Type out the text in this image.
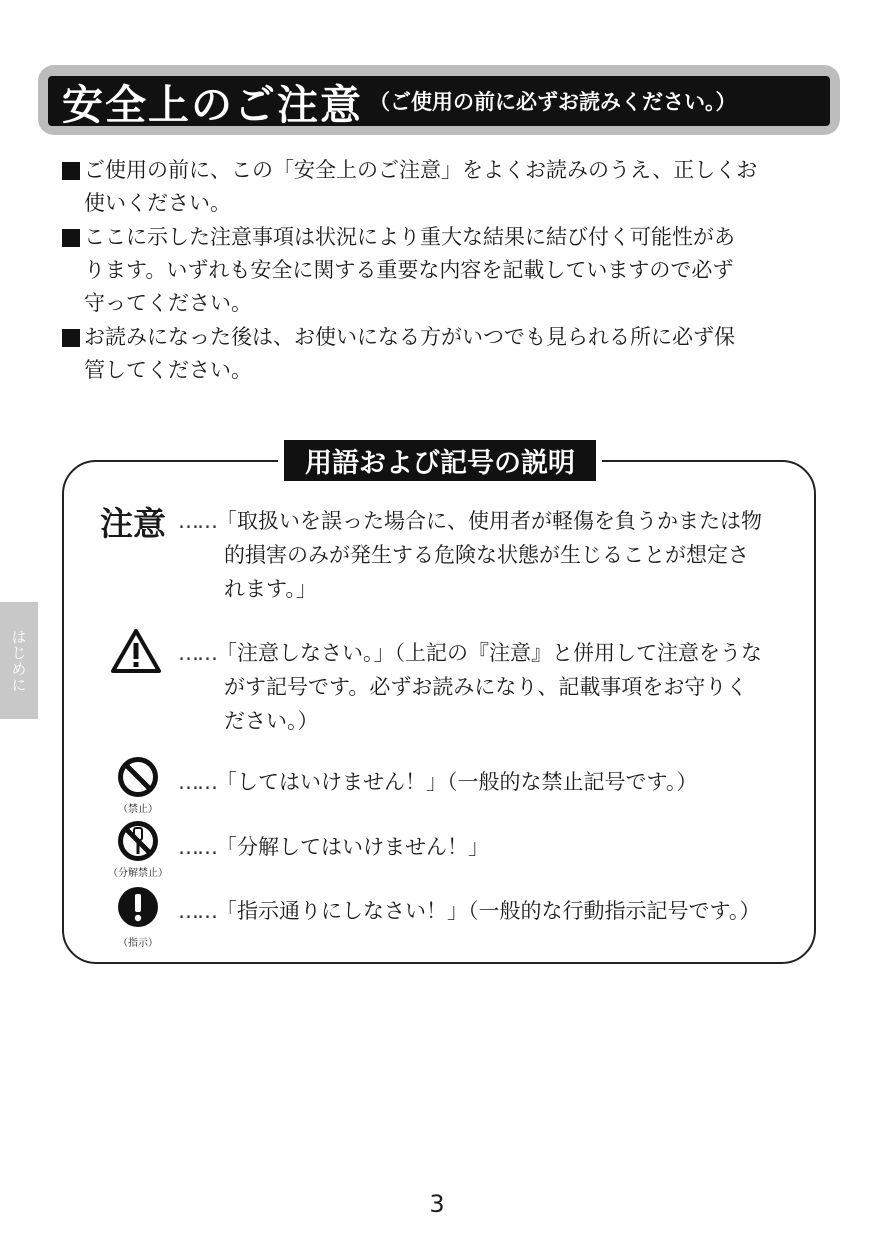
安全上のご注意 （ご使用の前に必ずお読みください。）
ご使用の前に、この「安全上のご注意」をよくお読みのうえ、正しくお
使いください。
ここに示した注意事項は状況により重大な結果に結び付く可能性があ
ります。いずれも安全に関する重要な内容を記載していますので必ず
守ってください。
お読みになった後は、お使いになる方がいつでも見られる所に必ず保
管してください。
用語および記号の説明
注意 ……「取扱いを誤った場合に、使用者が軽傷を負うかまたは物
的損害のみが発生する危険な状態が生じることが想定さ
れます。」
……「注意しなさい。」（上記の『注意』と併用して注意をうな
がす記号です。必ずお読みになり、記載事項をお守りく
ださい。）
（禁止）
……「してはいけません！」（一般的な禁止記号です。）
（分解禁止）
……「分解してはいけません！」
（指示）
……「指示通りにしなさい！」（一般的な行動指示記号です。）
はじめに
3
